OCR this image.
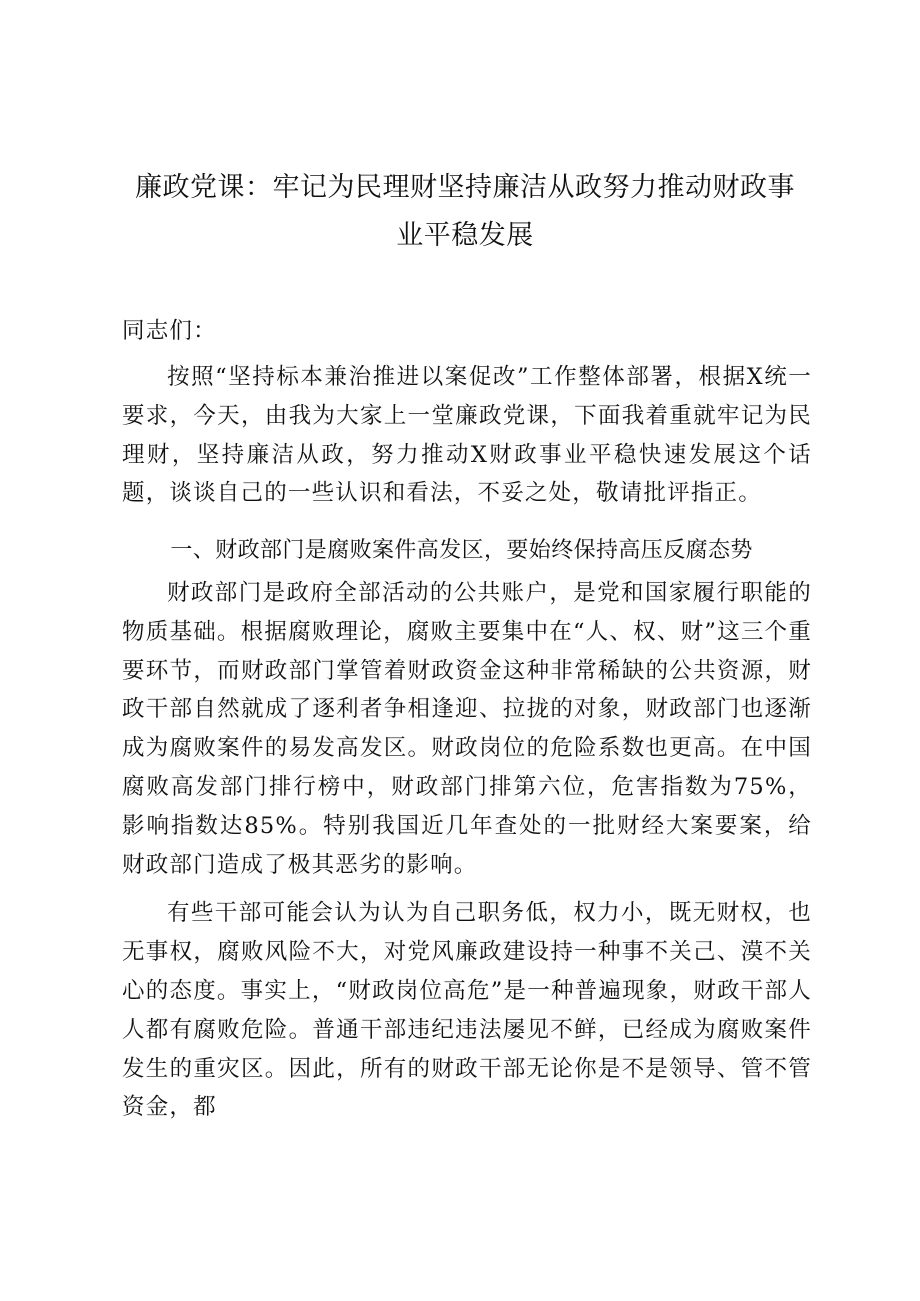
廉政党课：牢记为民理财坚持廉洁从政努力推动财政事
业平稳发展
同志们：

按照“坚持标本兼治推进以案促改”工作整体部署，根据X统一要求，今天，由我为大家上一堂廉政党课，下面我着重就牢记为民理财，坚持廉洁从政，努力推动X财政事业平稳快速发展这个话题，谈谈自己的一些认识和看法，不妥之处，敬请批评指正。

一、财政部门是腐败案件高发区，要始终保持高压反腐态势

财政部门是政府全部活动的公共账户，是党和国家履行职能的物质基础。根据腐败理论，腐败主要集中在“人、权、财”这三个重要环节，而财政部门掌管着财政资金这种非常稀缺的公共资源，财政干部自然就成了逐利者争相逢迎、拉拢的对象，财政部门也逐渐成为腐败案件的易发高发区。财政岗位的危险系数也更高。在中国腐败高发部门排行榜中，财政部门排第六位，危害指数为75%，影响指数达85%。特别我国近几年查处的一批财经大案要案，给财政部门造成了极其恶劣的影响。

有些干部可能会认为认为自己职务低，权力小，既无财权，也无事权，腐败风险不大，对党风廉政建设持一种事不关己、漠不关心的态度。事实上，“财政岗位高危”是一种普遍现象，财政干部人人都有腐败危险。普通干部违纪违法屡见不鲜，已经成为腐败案件发生的重灾区。因此，所有的财政干部无论你是不是领导、管不管资金，都
